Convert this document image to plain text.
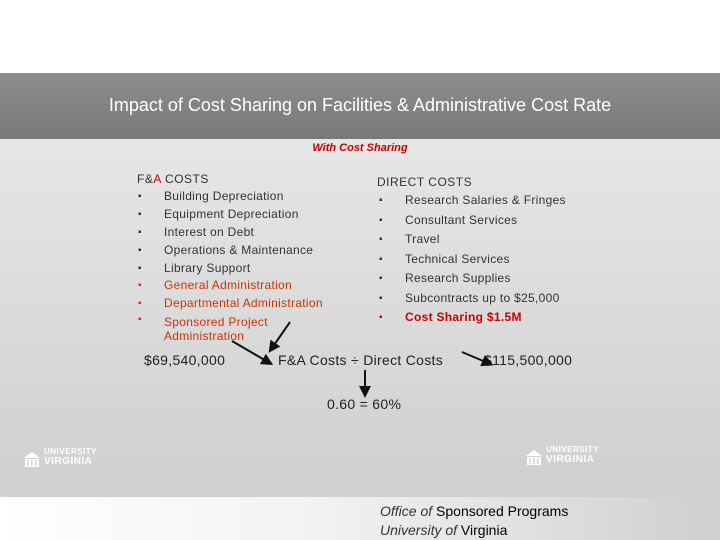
Impact of Cost Sharing on Facilities & Administrative Cost Rate
With Cost Sharing
F&A COSTS
▪ Building Depreciation
▪ Equipment Depreciation
▪ Interest on Debt
▪ Operations & Maintenance
▪ Library Support
▪ General Administration
▪ Departmental Administration
▪ Sponsored Project Administration
DIRECT COSTS
▪ Research Salaries & Fringes
▪ Consultant Services
▪ Travel
▪ Technical Services
▪ Research Supplies
▪ Subcontracts up to $25,000
▪ Cost Sharing $1.5M
$69,540,000	F&A Costs ÷ Direct Costs	$115,500,000
0.60 = 60%
UNIVERSITY
VIRGINIA
UNIVERSITY
VIRGINIA
Office of Sponsored Programs
University of Virginia
